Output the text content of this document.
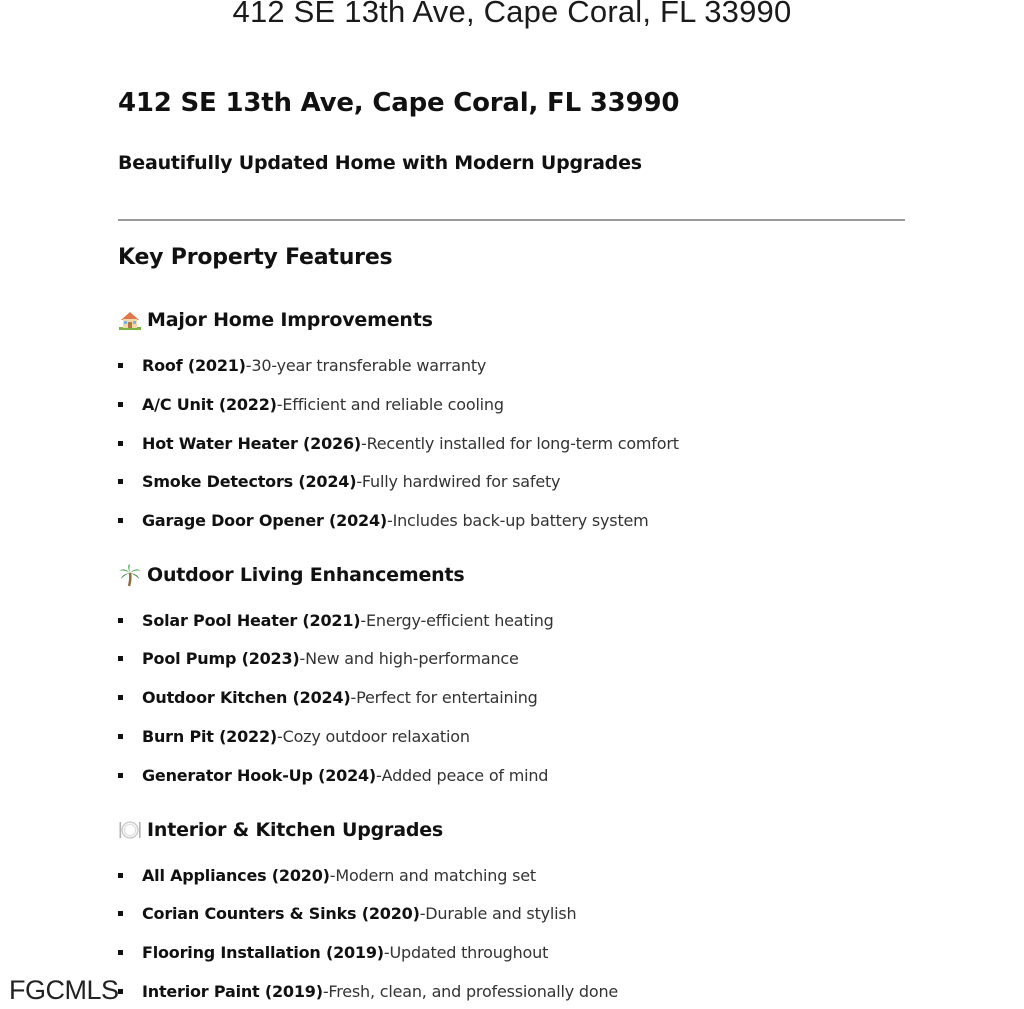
412 SE 13th Ave, Cape Coral, FL 33990
412 SE 13th Ave, Cape Coral, FL 33990
Beautifully Updated Home with Modern Upgrades
Key Property Features
Major Home Improvements
Roof (2021) - 30-year transferable warranty
A/C Unit (2022) - Efficient and reliable cooling
Hot Water Heater (2026) - Recently installed for long-term comfort
Smoke Detectors (2024) - Fully hardwired for safety
Garage Door Opener (2024) - Includes back-up battery system
Outdoor Living Enhancements
Solar Pool Heater (2021) - Energy-efficient heating
Pool Pump (2023) - New and high-performance
Outdoor Kitchen (2024) - Perfect for entertaining
Burn Pit (2022) - Cozy outdoor relaxation
Generator Hook-Up (2024) - Added peace of mind
Interior & Kitchen Upgrades
All Appliances (2020) - Modern and matching set
Corian Counters & Sinks (2020) - Durable and stylish
Flooring Installation (2019) - Updated throughout
Interior Paint (2019) - Fresh, clean, and professionally done
FGCMLS
